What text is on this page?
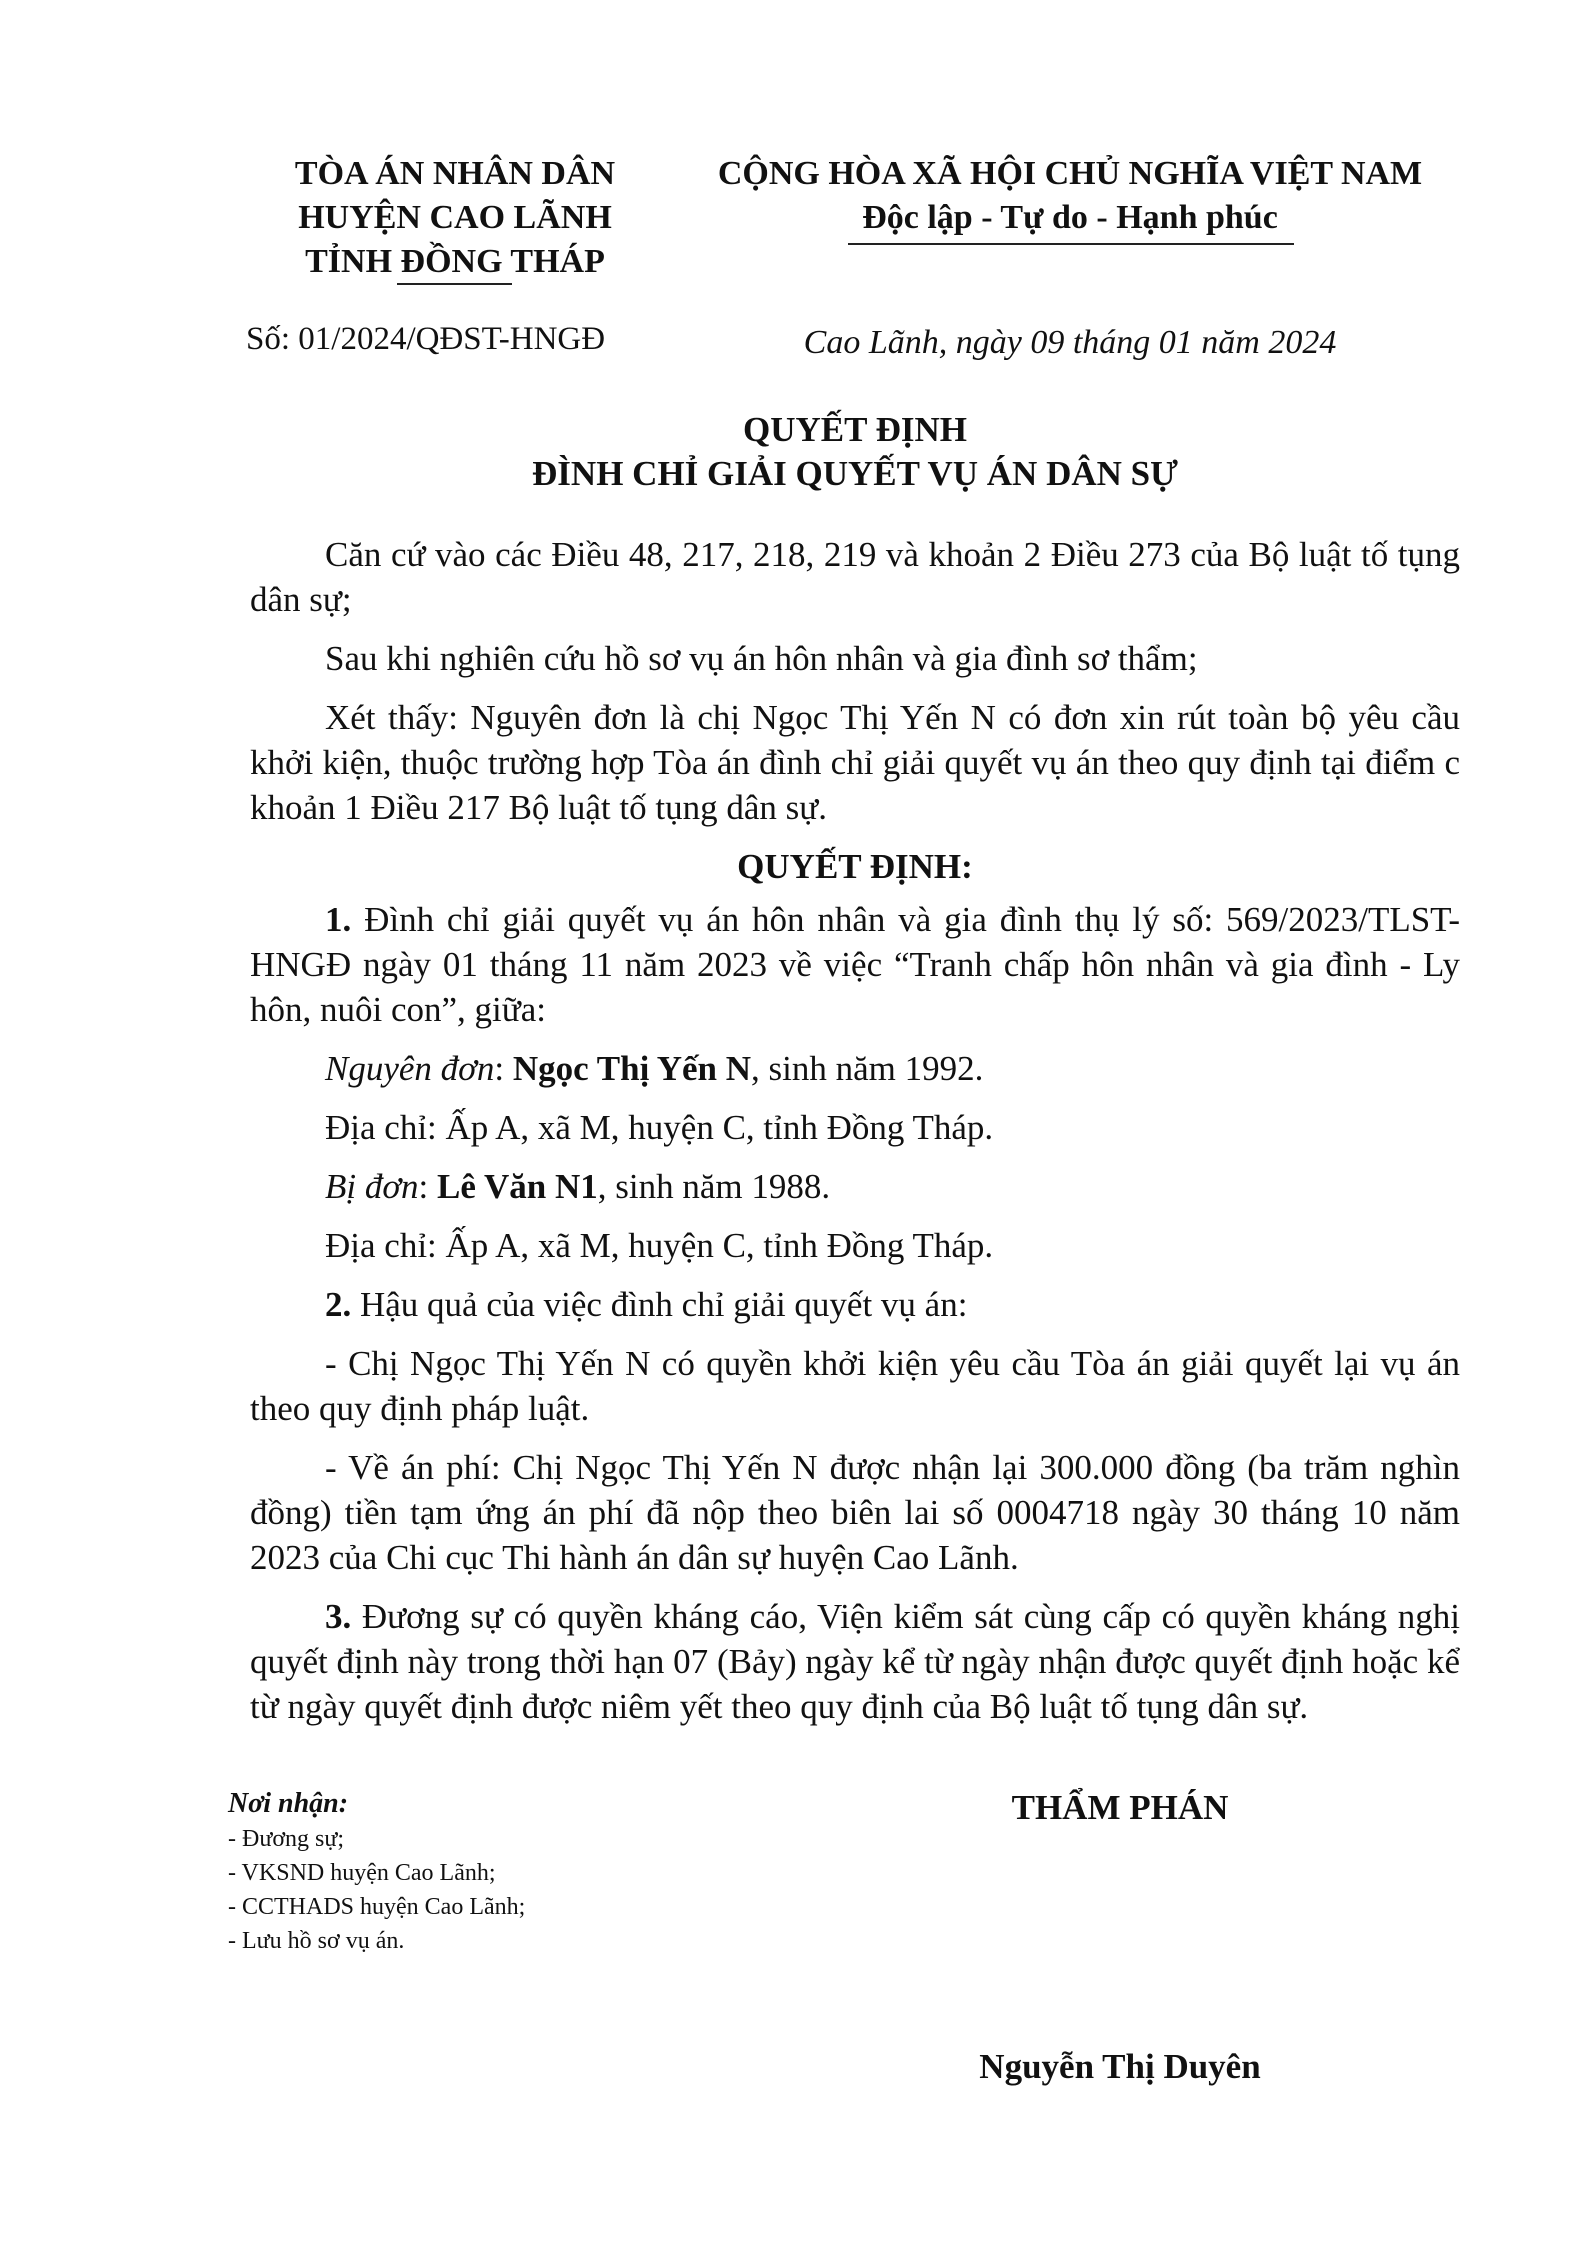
TÒA ÁN NHÂN DÂN
HUYỆN CAO LÃNH
TỈNH ĐỒNG THÁP
CỘNG HÒA XÃ HỘI CHỦ NGHĨA VIỆT NAM
Độc lập - Tự do - Hạnh phúc
Số: 01/2024/QĐST-HNGĐ	Cao Lãnh, ngày 09 tháng 01 năm 2024
QUYẾT ĐỊNH
ĐÌNH CHỈ GIẢI QUYẾT VỤ ÁN DÂN SỰ

Căn cứ vào các Điều 48, 217, 218, 219 và khoản 2 Điều 273 của Bộ luật tố tụng dân sự;

Sau khi nghiên cứu hồ sơ vụ án hôn nhân và gia đình sơ thẩm;

Xét thấy: Nguyên đơn là chị Ngọc Thị Yến N có đơn xin rút toàn bộ yêu cầu khởi kiện, thuộc trường hợp Tòa án đình chỉ giải quyết vụ án theo quy định tại điểm c khoản 1 Điều 217 Bộ luật tố tụng dân sự.

QUYẾT ĐỊNH:

1. Đình chỉ giải quyết vụ án hôn nhân và gia đình thụ lý số: 569/2023/TLST-HNGĐ ngày 01 tháng 11 năm 2023 về việc “Tranh chấp hôn nhân và gia đình - Ly hôn, nuôi con”, giữa:

Nguyên đơn: Ngọc Thị Yến N, sinh năm 1992.

Địa chỉ: Ấp A, xã M, huyện C, tỉnh Đồng Tháp.

Bị đơn: Lê Văn N1, sinh năm 1988.

Địa chỉ: Ấp A, xã M, huyện C, tỉnh Đồng Tháp.

2. Hậu quả của việc đình chỉ giải quyết vụ án:

- Chị Ngọc Thị Yến N có quyền khởi kiện yêu cầu Tòa án giải quyết lại vụ án theo quy định pháp luật.

- Về án phí: Chị Ngọc Thị Yến N được nhận lại 300.000 đồng (ba trăm nghìn đồng) tiền tạm ứng án phí đã nộp theo biên lai số 0004718 ngày 30 tháng 10 năm 2023 của Chi cục Thi hành án dân sự huyện Cao Lãnh.

3. Đương sự có quyền kháng cáo, Viện kiểm sát cùng cấp có quyền kháng nghị quyết định này trong thời hạn 07 (Bảy) ngày kể từ ngày nhận được quyết định hoặc kể từ ngày quyết định được niêm yết theo quy định của Bộ luật tố tụng dân sự.

Nơi nhận:
- Đương sự;
- VKSND huyện Cao Lãnh;
- CCTHADS huyện Cao Lãnh;
- Lưu hồ sơ vụ án.
THẨM PHÁN
Nguyễn Thị Duyên
